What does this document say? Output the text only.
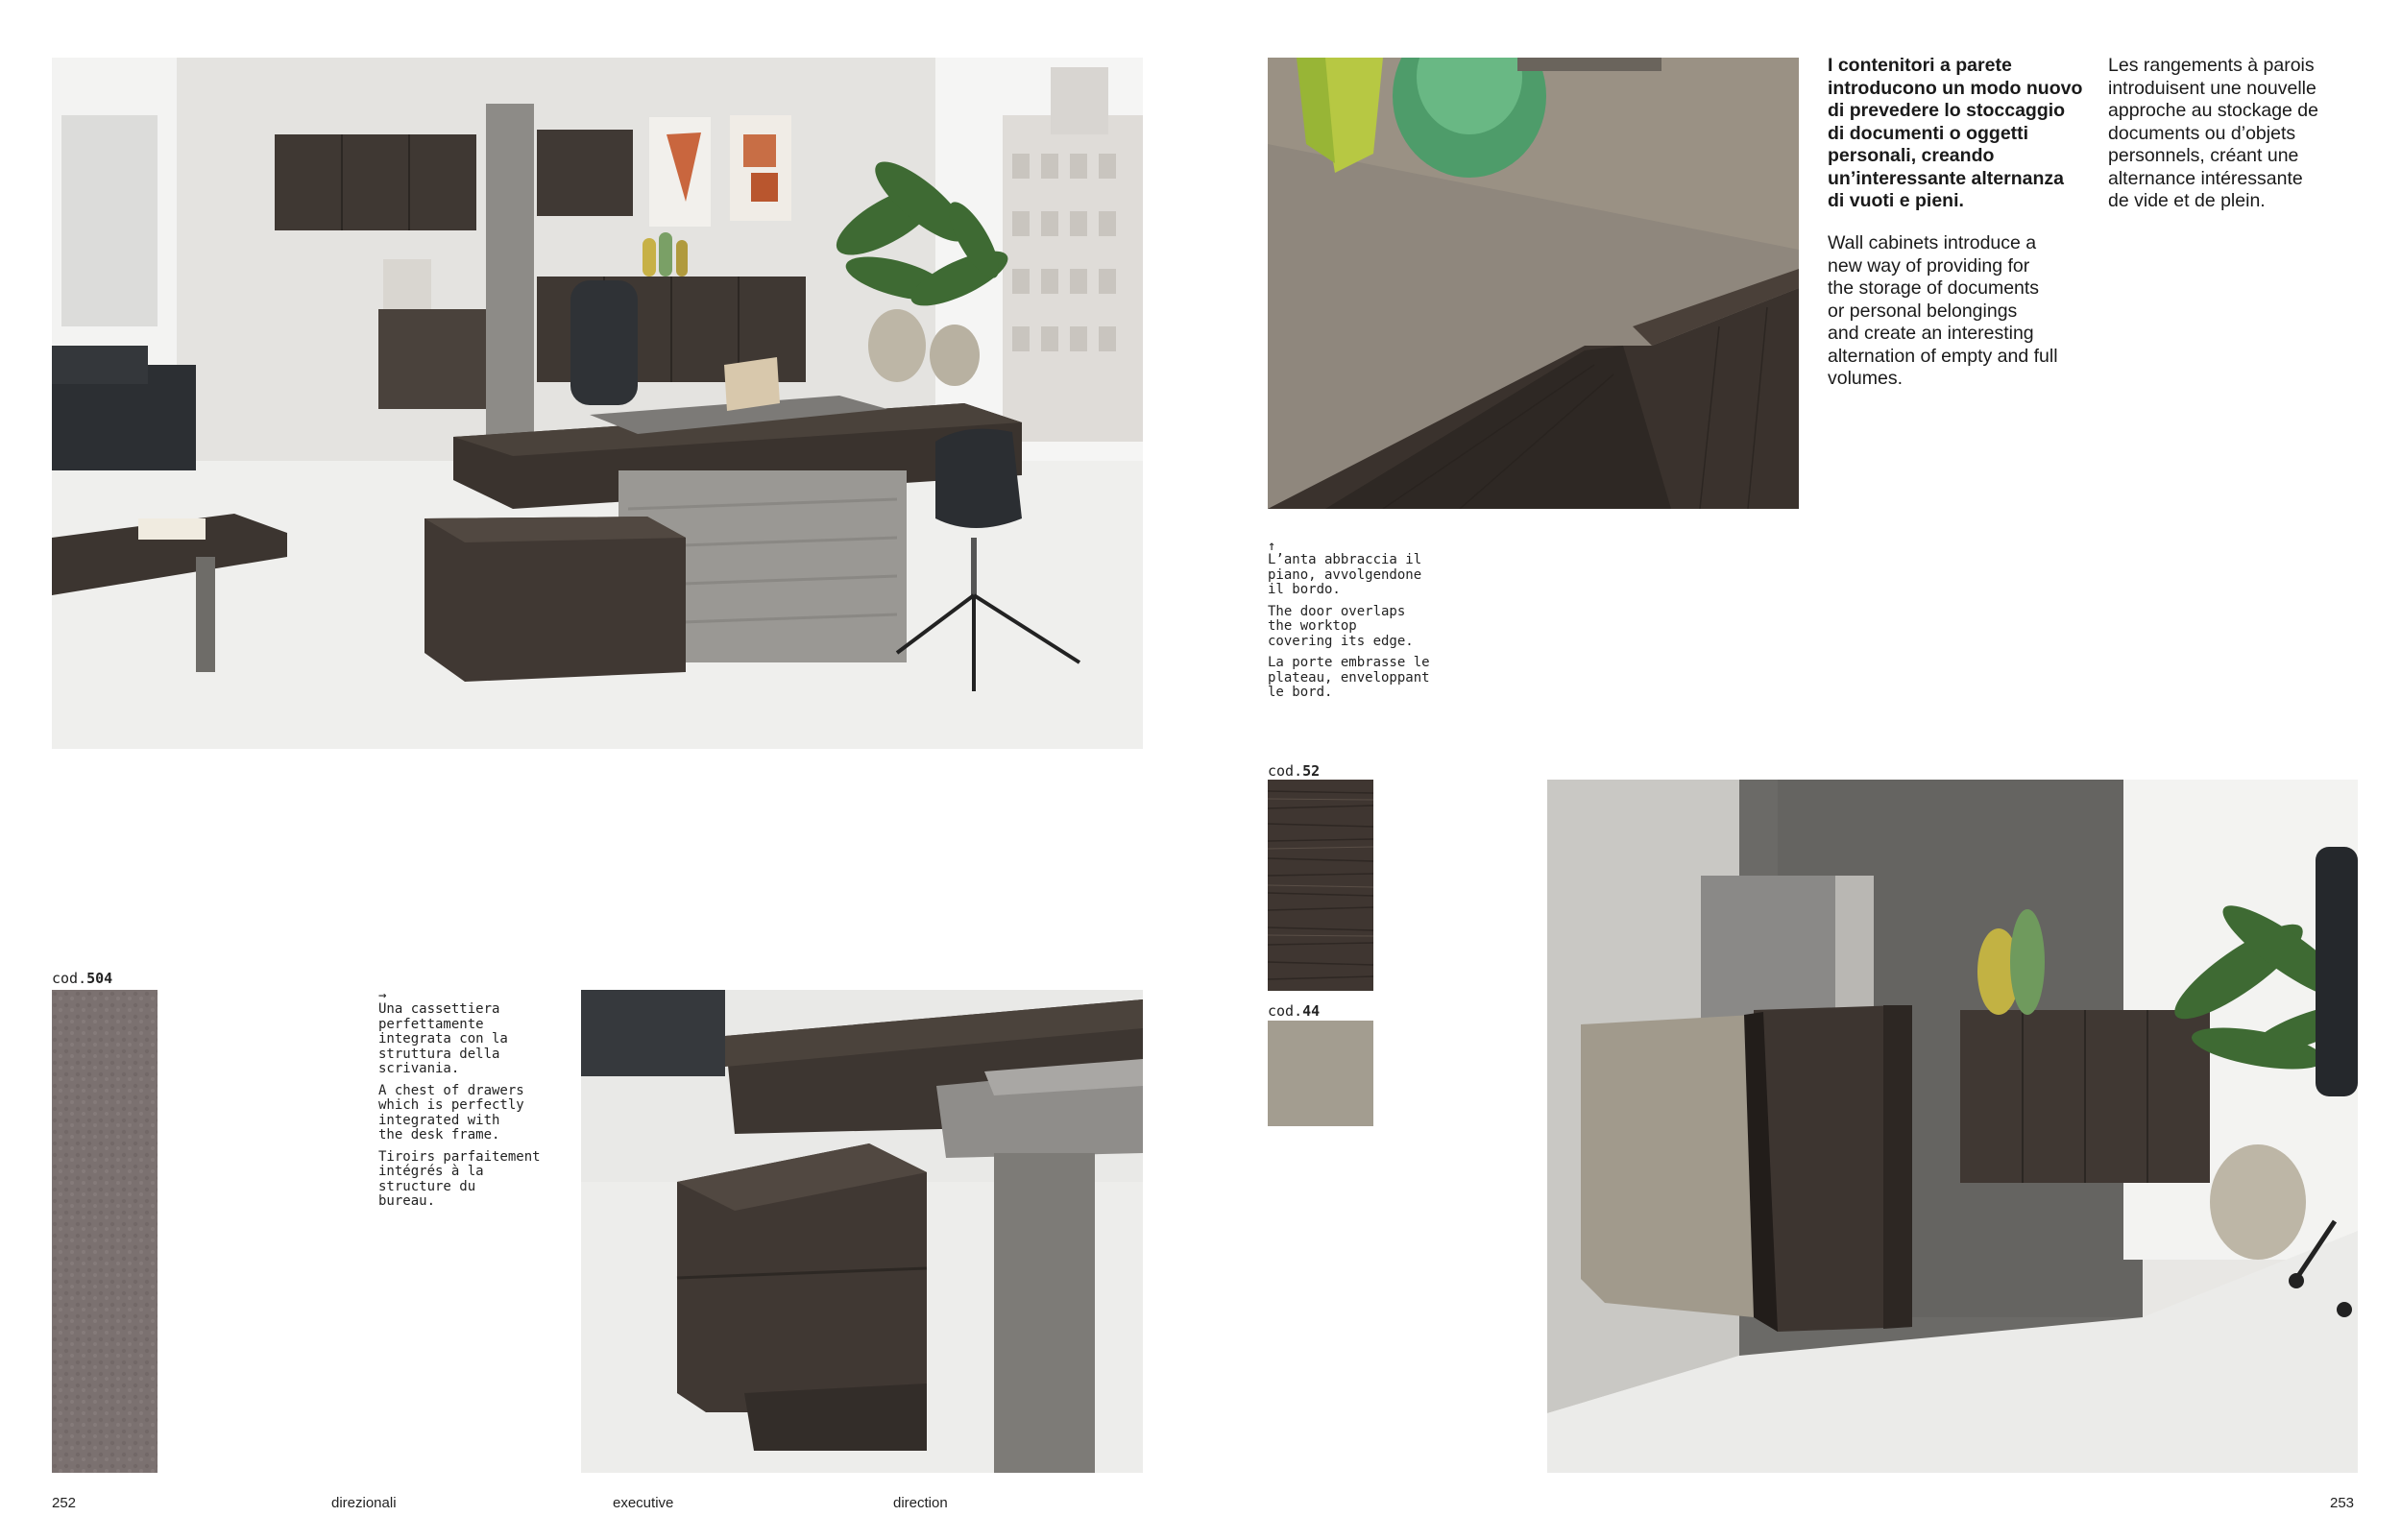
cod.504
→

Una cassettiera
perfettamente
integrata con la
struttura della
scrivania.

A chest of drawers
which is perfectly
integrated with
the desk frame.

Tiroirs parfaitement
intégrés à la
structure du
bureau.

252	direzionali	executive	direction
I contenitori a parete
introducono un modo nuovo
di prevedere lo stoccaggio
di documenti o oggetti
personali, creando
un’interessante alternanza
di vuoti e pieni.
Wall cabinets introduce a
new way of providing for
the storage of documents
or personal belongings
and create an interesting
alternation of empty and full
volumes.
Les rangements à parois
introduisent une nouvelle
approche au stockage de
documents ou d’objets
personnels, créant une
alternance intéressante
de vide et de plein.
↑

L’anta abbraccia il
piano, avvolgendone
il bordo.

The door overlaps
the worktop
covering its edge.

La porte embrasse le
plateau, enveloppant
le bord.

cod.52
cod.44
253
